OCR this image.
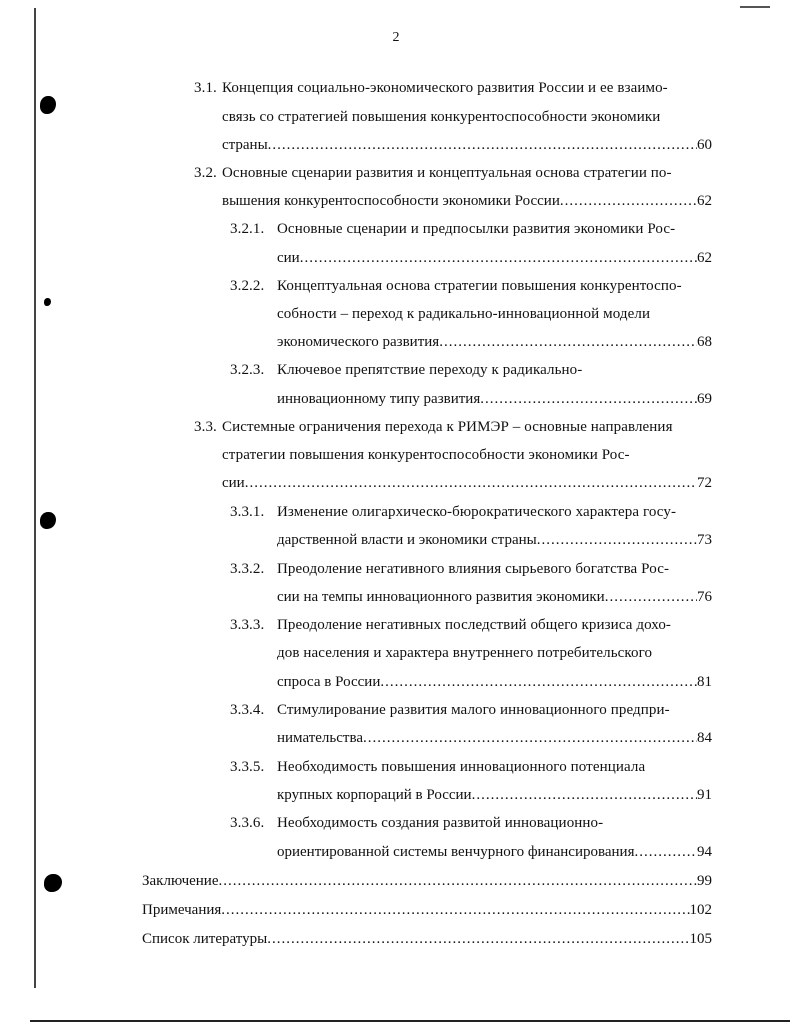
2
3.1. Концепция социально-экономического развития России и ее взаимо-
связь со стратегией повышения конкурентоспособности экономики
страны .....	60
3.2. Основные сценарии развития и концептуальная основа стратегии по-
вышения конкурентоспособности экономики России .....	62
3.2.1. Основные сценарии и предпосылки развития экономики Рос-
сии .....	62
3.2.2. Концептуальная основа стратегии повышения конкурентоспо-
собности – переход к радикально-инновационной модели
экономического развития .....	68
3.2.3. Ключевое препятствие переходу к радикально-
инновационному типу развития .....	69
3.3. Системные ограничения перехода к РИМЭР – основные направления
стратегии повышения конкурентоспособности экономики Рос-
сии .....	72
3.3.1. Изменение олигархическо-бюрократического характера госу-
дарственной власти и экономики страны .....	73
3.3.2. Преодоление негативного влияния сырьевого богатства Рос-
сии на темпы инновационного развития экономики .....	76
3.3.3. Преодоление негативных последствий общего кризиса дохо-
дов населения и характера внутреннего потребительского
спроса в России .....	81
3.3.4. Стимулирование развития малого инновационного предпри-
нимательства .....	84
3.3.5. Необходимость повышения инновационного потенциала
крупных корпораций в России .....	91
3.3.6. Необходимость создания развитой инновационно-
ориентированной системы венчурного финансирования .....	94
Заключение .....	99
Примечания .....	102
Список литературы .....	105
